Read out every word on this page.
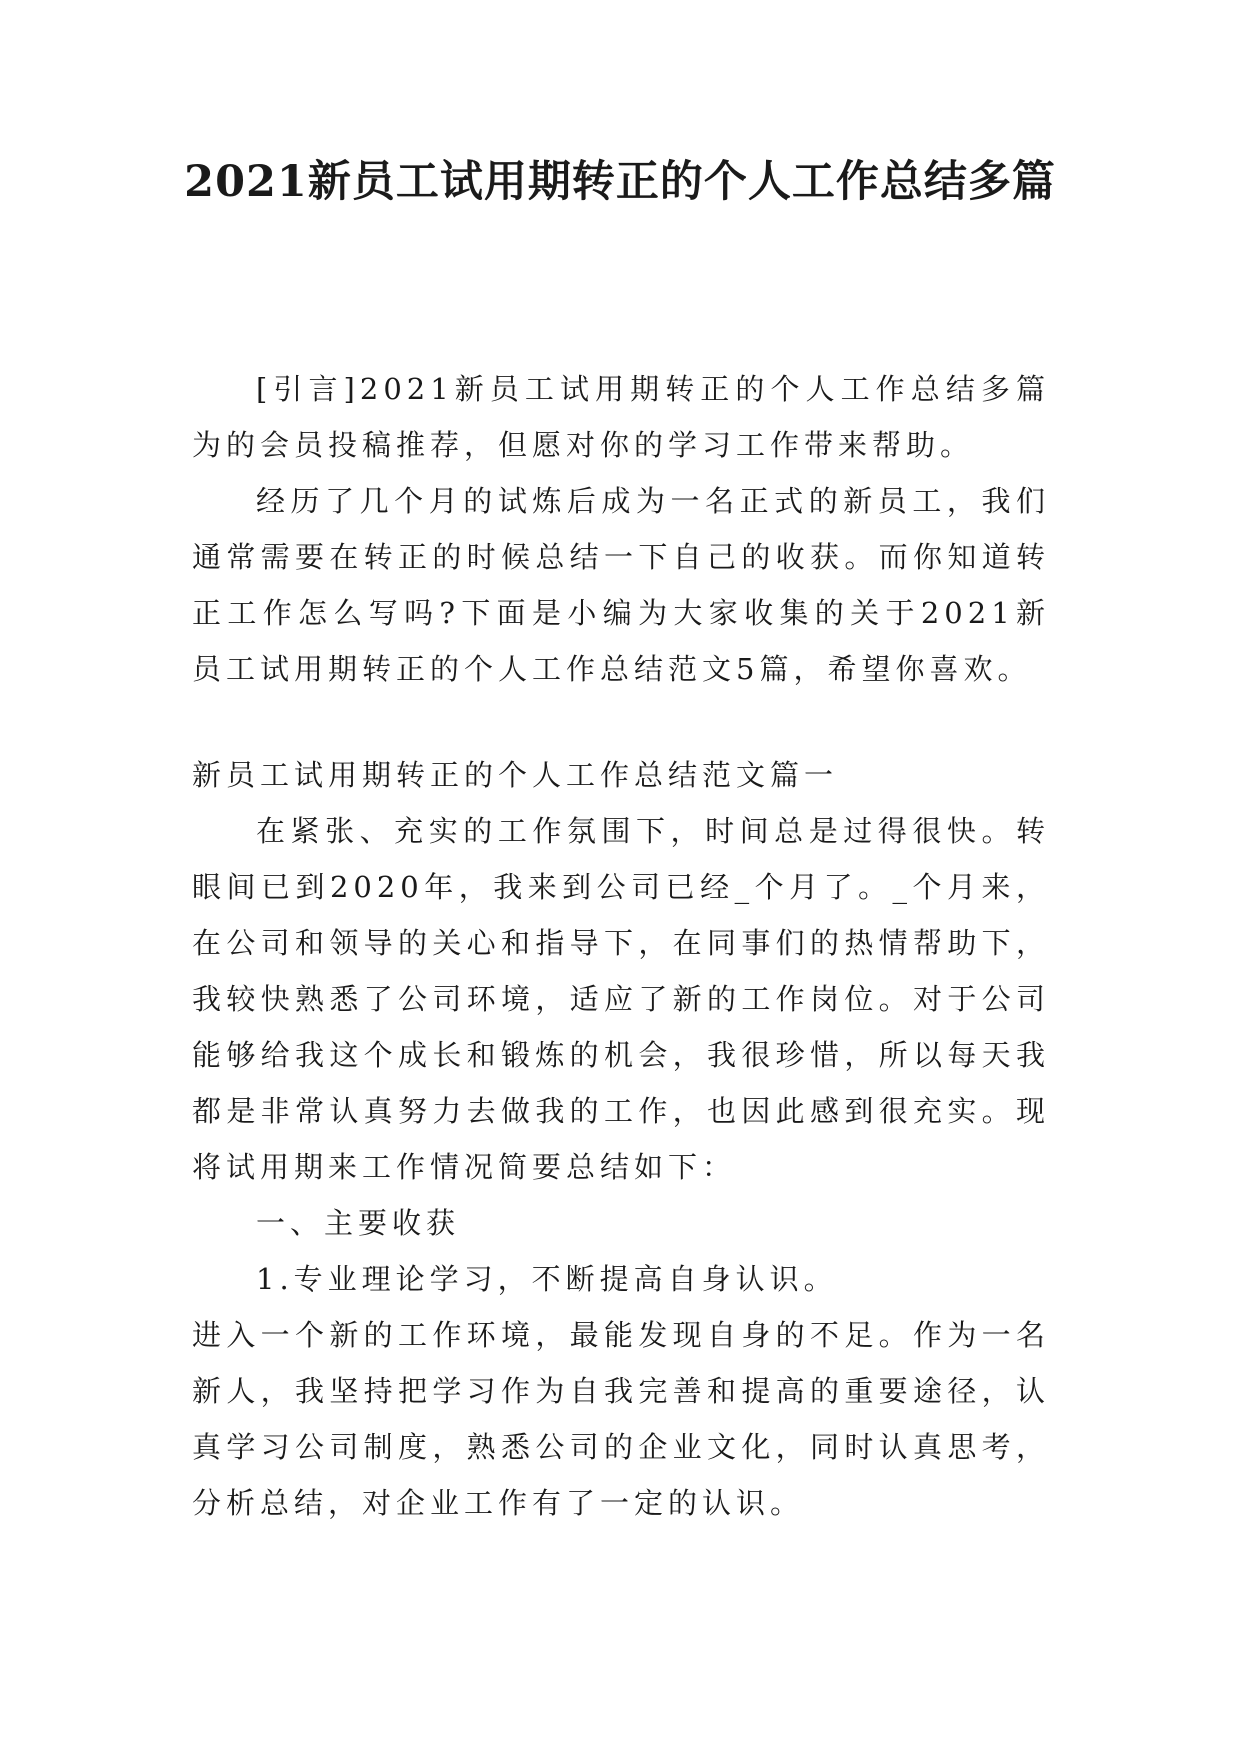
2021新员工试用期转正的个人工作总结多篇

[引言]2021新员工试用期转正的个人工作总结多篇为的会员投稿推荐，但愿对你的学习工作带来帮助。

经历了几个月的试炼后成为一名正式的新员工，我们通常需要在转正的时候总结一下自己的收获。而你知道转正工作怎么写吗?下面是小编为大家收集的关于2021新员工试用期转正的个人工作总结范文5篇，希望你喜欢。

新员工试用期转正的个人工作总结范文篇一

在紧张、充实的工作氛围下，时间总是过得很快。转眼间已到2020年，我来到公司已经_个月了。_个月来，在公司和领导的关心和指导下，在同事们的热情帮助下，我较快熟悉了公司环境，适应了新的工作岗位。对于公司能够给我这个成长和锻炼的机会，我很珍惜，所以每天我都是非常认真努力去做我的工作，也因此感到很充实。现将试用期来工作情况简要总结如下：

一、主要收获

1.专业理论学习，不断提高自身认识。

进入一个新的工作环境，最能发现自身的不足。作为一名新人，我坚持把学习作为自我完善和提高的重要途径，认真学习公司制度，熟悉公司的企业文化，同时认真思考，分析总结，对企业工作有了一定的认识。
